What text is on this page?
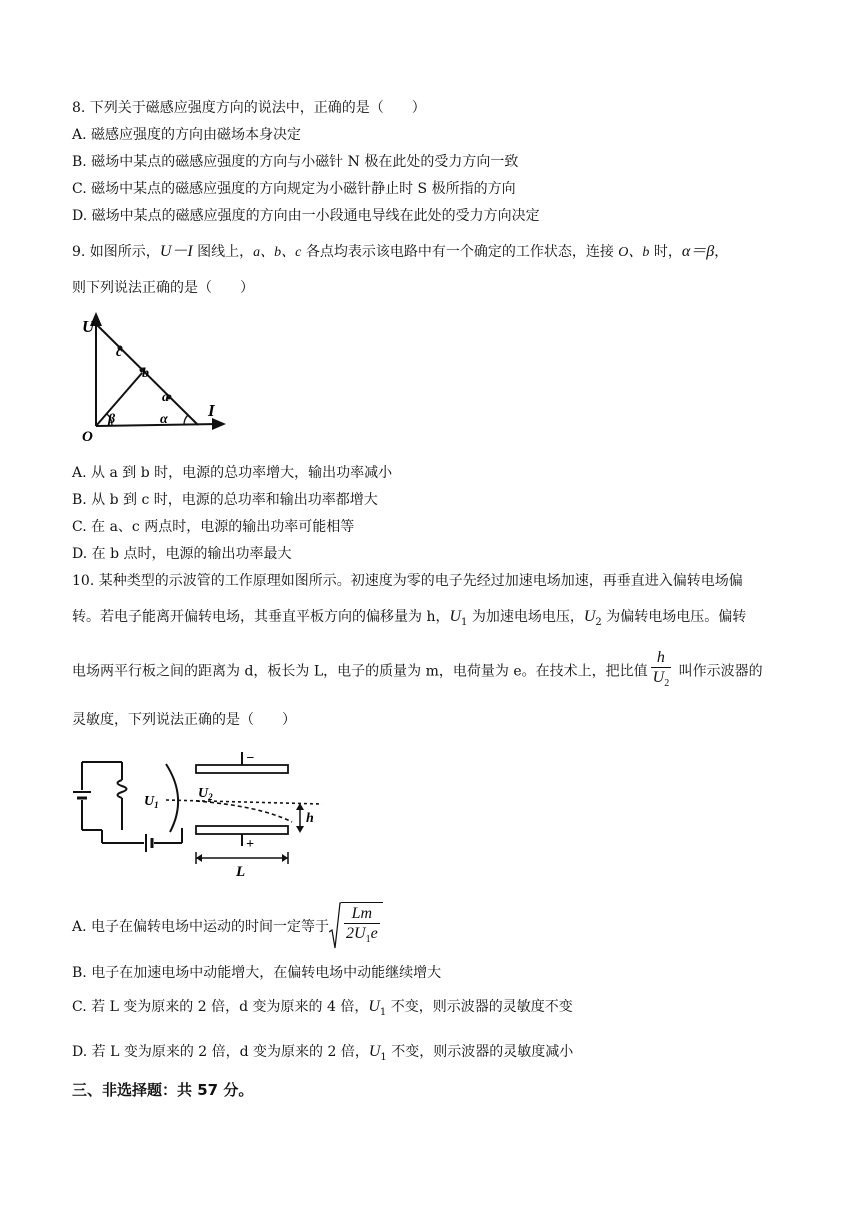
8. 下列关于磁感应强度方向的说法中，正确的是（　　）
A. 磁感应强度的方向由磁场本身决定
B. 磁场中某点的磁感应强度的方向与小磁针 N 极在此处的受力方向一致
C. 磁场中某点的磁感应强度的方向规定为小磁针静止时 S 极所指的方向
D. 磁场中某点的磁感应强度的方向由一小段通电导线在此处的受力方向决定
9. 如图所示，U－I 图线上，a、b、c 各点均表示该电路中有一个确定的工作状态，连接 O、b 时，α＝β，
则下列说法正确的是（　　）
U
I
O
c
b
a
β	α
A. 从 a 到 b 时，电源的总功率增大，输出功率减小
B. 从 b 到 c 时，电源的总功率和输出功率都增大
C. 在 a、c 两点时，电源的输出功率可能相等
D. 在 b 点时，电源的输出功率最大
10. 某种类型的示波管的工作原理如图所示。初速度为零的电子先经过加速电场加速，再垂直进入偏转电场偏
转。若电子能离开偏转电场，其垂直平板方向的偏移量为 h，$U_1$ 为加速电场电压，$U_2$ 为偏转电场电压。偏转
电场两平行板之间的距离为 d，板长为 L，电子的质量为 m，电荷量为 e。在技术上，把比值 $\frac{h}{U_2}$ 叫作示波器的
灵敏度，下列说法正确的是（　　）
−
+
$U_1$
$U_2$
h
L
A. 电子在偏转电场中运动的时间一定等于 $\frac{Lm}{2U_1e}$
B. 电子在加速电场中动能增大，在偏转电场中动能继续增大
C. 若 L 变为原来的 2 倍，d 变为原来的 4 倍，$U_1$ 不变，则示波器的灵敏度不变
D. 若 L 变为原来的 2 倍，d 变为原来的 2 倍，$U_1$ 不变，则示波器的灵敏度减小
三、非选择题：共 57 分。
